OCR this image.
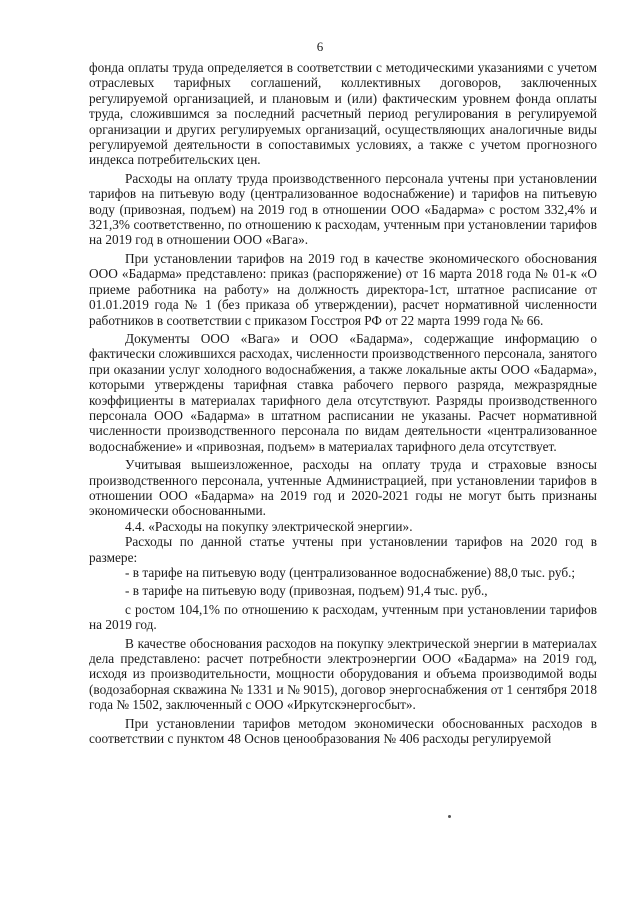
6

фонда оплаты труда определяется в соответствии с методическими указаниями с учетом отраслевых тарифных соглашений, коллективных договоров, заключенных регулируемой организацией, и плановым и (или) фактическим уровнем фонда оплаты труда, сложившимся за последний расчетный период регулирования в регулируемой организации и других регулируемых организаций, осуществляющих аналогичные виды регулируемой деятельности в сопоставимых условиях, а также с учетом прогнозного индекса потребительских цен.

Расходы на оплату труда производственного персонала учтены при установлении тарифов на питьевую воду (централизованное водоснабжение) и тарифов на питьевую воду (привозная, подъем) на 2019 год в отношении ООО «Бадарма» с ростом 332,4% и 321,3% соответственно, по отношению к расходам, учтенным при установлении тарифов на 2019 год в отношении ООО «Вага».

При установлении тарифов на 2019 год в качестве экономического обоснования ООО «Бадарма» представлено: приказ (распоряжение) от 16 марта 2018 года № 01-к «О приеме работника на работу» на должность директора-1ст, штатное расписание от 01.01.2019 года № 1 (без приказа об утверждении), расчет нормативной численности работников в соответствии с приказом Госстроя РФ от 22 марта 1999 года № 66.

Документы ООО «Вага» и ООО «Бадарма», содержащие информацию о фактически сложившихся расходах, численности производственного персонала, занятого при оказании услуг холодного водоснабжения, а также локальные акты ООО «Бадарма», которыми утверждены тарифная ставка рабочего первого разряда, межразрядные коэффициенты в материалах тарифного дела отсутствуют. Разряды производственного персонала ООО «Бадарма» в штатном расписании не указаны. Расчет нормативной численности производственного персонала по видам деятельности «централизованное водоснабжение» и «привозная, подъем» в материалах тарифного дела отсутствует.

Учитывая вышеизложенное, расходы на оплату труда и страховые взносы производственного персонала, учтенные Администрацией, при установлении тарифов в отношении ООО «Бадарма» на 2019 год и 2020-2021 годы не могут быть признаны экономически обоснованными.

4.4. «Расходы на покупку электрической энергии».

Расходы по данной статье учтены при установлении тарифов на 2020 год в размере:

- в тарифе на питьевую воду (централизованное водоснабжение) 88,0 тыс. руб.;

- в тарифе на питьевую воду (привозная, подъем) 91,4 тыс. руб.,

с ростом 104,1% по отношению к расходам, учтенным при установлении тарифов на 2019 год.

В качестве обоснования расходов на покупку электрической энергии в материалах дела представлено: расчет потребности электроэнергии ООО «Бадарма» на 2019 год, исходя из производительности, мощности оборудования и объема производимой воды (водозаборная скважина № 1331 и № 9015), договор энергоснабжения от 1 сентября 2018 года № 1502, заключенный с ООО «Иркутскэнергосбыт».

При установлении тарифов методом экономически обоснованных расходов в соответствии с пунктом 48 Основ ценообразования № 406 расходы регулируемой
